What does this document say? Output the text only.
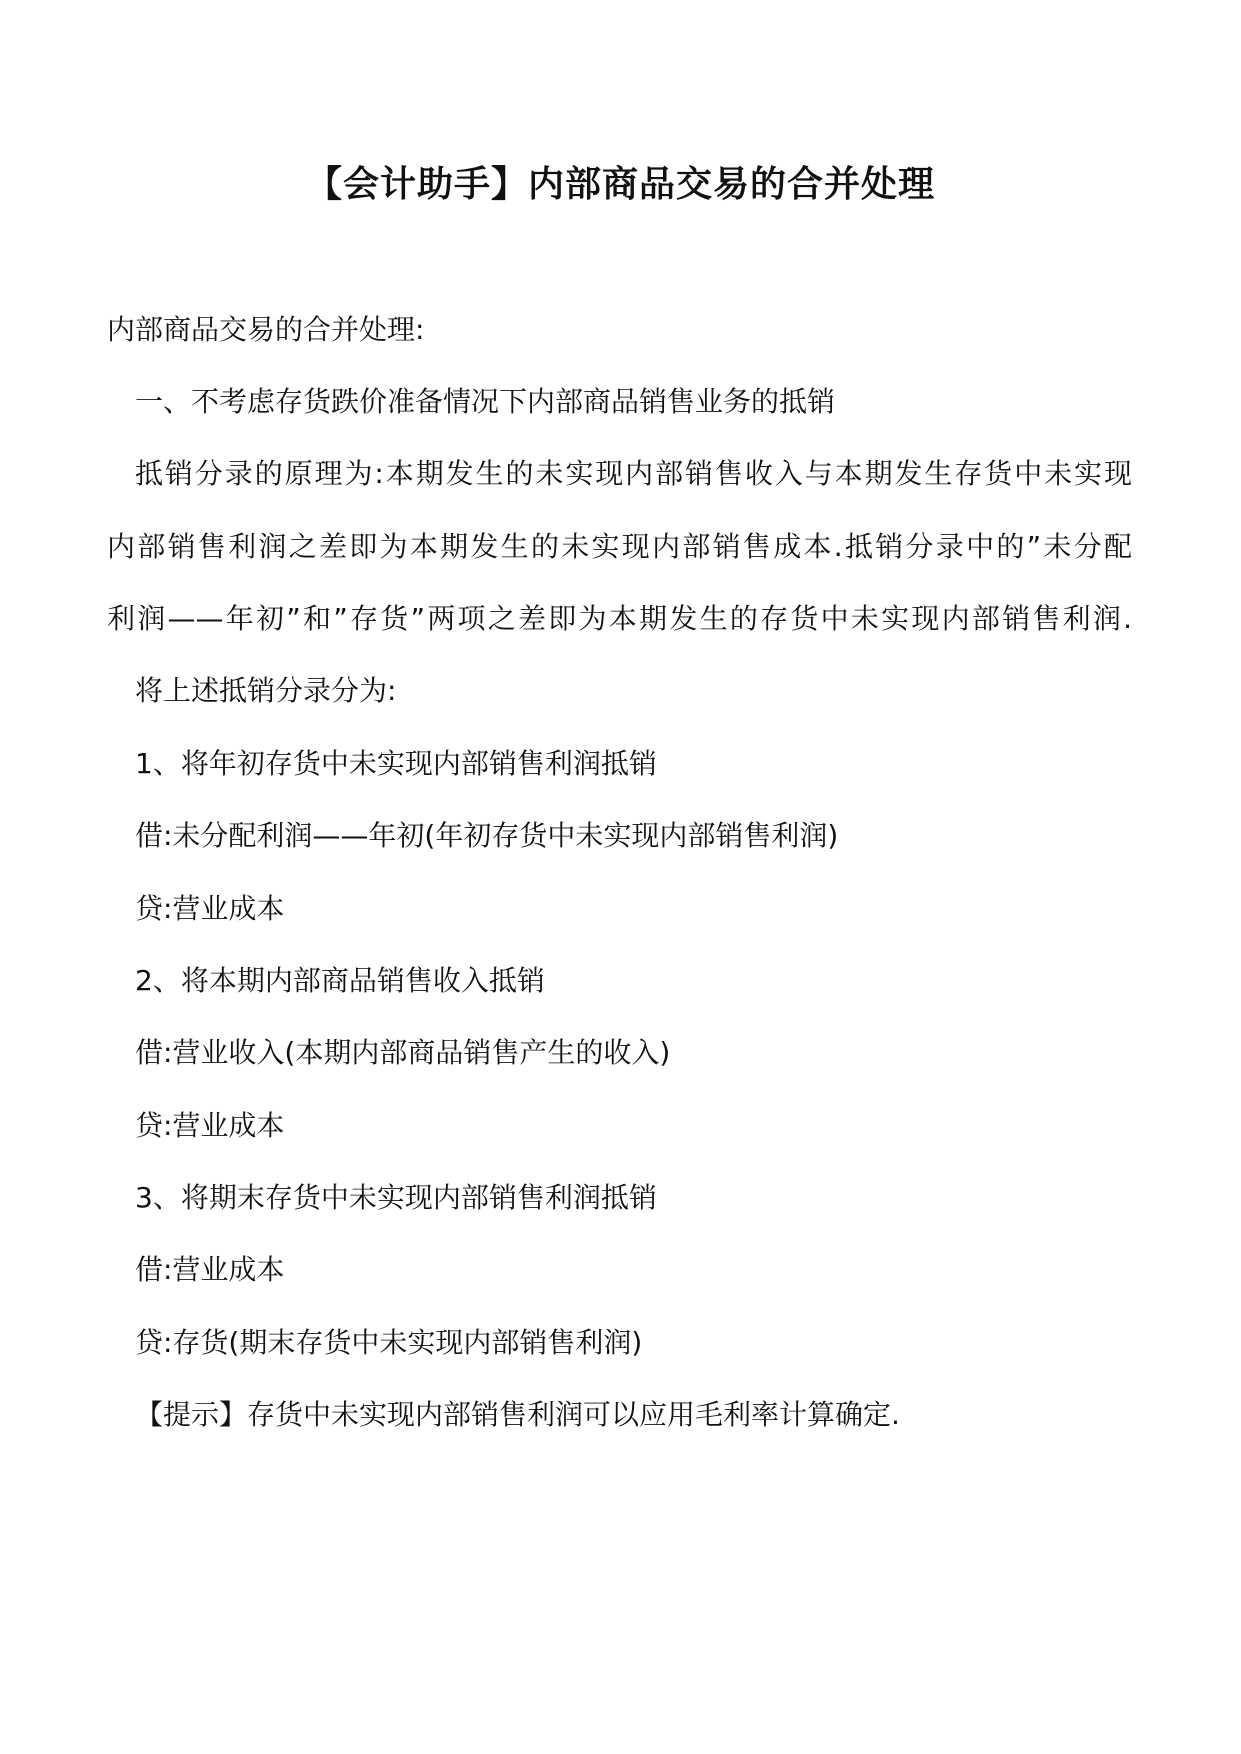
【会计助手】内部商品交易的合并处理
内部商品交易的合并处理:
一、不考虑存货跌价准备情况下内部商品销售业务的抵销
抵销分录的原理为:本期发生的未实现内部销售收入与本期发生存货中未实现
内部销售利润之差即为本期发生的未实现内部销售成本.抵销分录中的”未分配
利润——年初”和”存货”两项之差即为本期发生的存货中未实现内部销售利润.
将上述抵销分录分为:
1、将年初存货中未实现内部销售利润抵销
借:未分配利润——年初(年初存货中未实现内部销售利润)
贷:营业成本
2、将本期内部商品销售收入抵销
借:营业收入(本期内部商品销售产生的收入)
贷:营业成本
3、将期末存货中未实现内部销售利润抵销
借:营业成本
贷:存货(期末存货中未实现内部销售利润)
【提示】存货中未实现内部销售利润可以应用毛利率计算确定.
